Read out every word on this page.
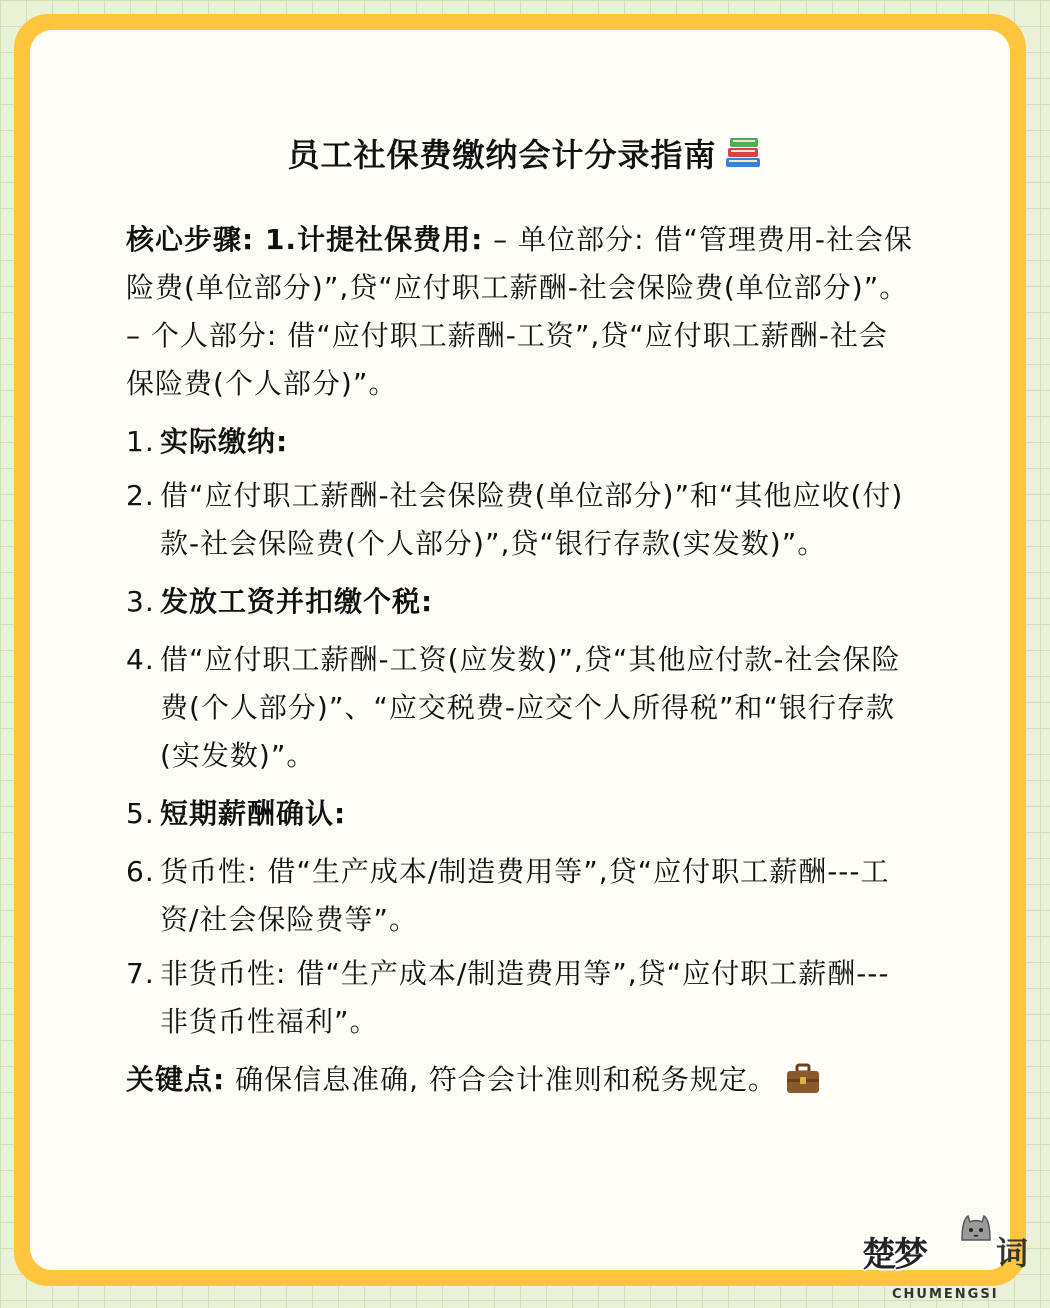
员工社保费缴纳会计分录指南

核心步骤: 1.计提社保费用: – 单位部分: 借“管理费用-社会保险费(单位部分)”,贷“应付职工薪酬-社会保险费(单位部分)”。

– 个人部分: 借“应付职工薪酬-工资”,贷“应付职工薪酬-社会保险费(个人部分)”。

1. 实际缴纳:
2. 借“应付职工薪酬-社会保险费(单位部分)”和“其他应收(付)款-社会保险费(个人部分)”,贷“银行存款(实发数)”。
3. 发放工资并扣缴个税:
4. 借“应付职工薪酬-工资(应发数)”,贷“其他应付款-社会保险费(个人部分)”、“应交税费-应交个人所得税”和“银行存款(实发数)”。
5. 短期薪酬确认:
6. 货币性: 借“生产成本/制造费用等”,贷“应付职工薪酬---工资/社会保险费等”。
7. 非货币性: 借“生产成本/制造费用等”,贷“应付职工薪酬---非货币性福利”。

关键点: 确保信息准确, 符合会计准则和税务规定。

楚梦	词
CHUMENGSI
